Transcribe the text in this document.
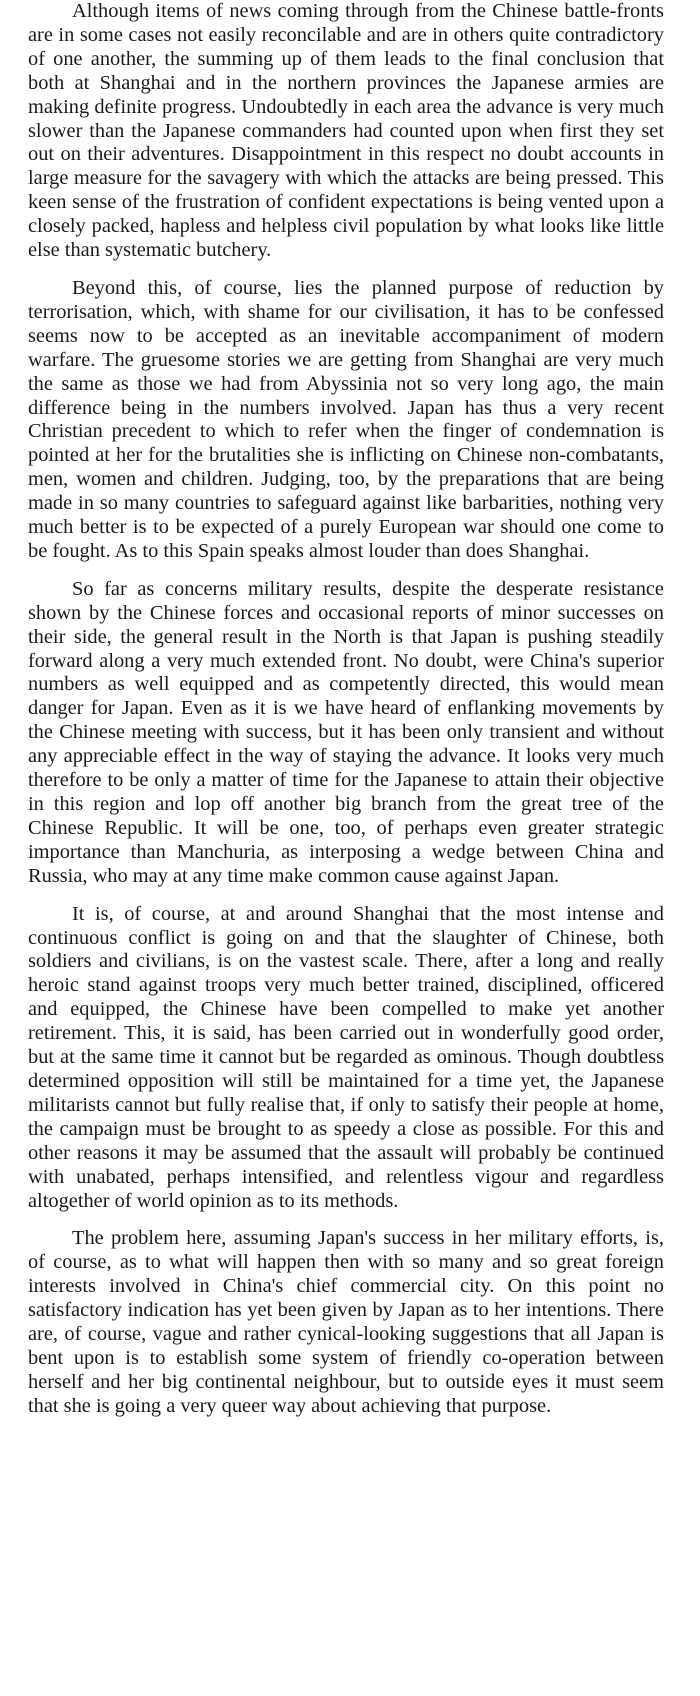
Although items of news coming through from the Chinese battle-fronts are in some cases not easily reconcilable and are in others quite contradictory of one another, the summing up of them leads to the final conclusion that both at Shanghai and in the northern provinces the Japanese armies are making definite progress. Undoubtedly in each area the advance is very much slower than the Japanese commanders had counted upon when first they set out on their adventures. Disappointment in this respect no doubt accounts in large measure for the savagery with which the attacks are being pressed. This keen sense of the frustration of confident expectations is being vented upon a closely packed, hapless and helpless civil population by what looks like little else than systematic butchery.

Beyond this, of course, lies the planned purpose of reduction by terrorisation, which, with shame for our civilisation, it has to be confessed seems now to be accepted as an inevitable accompaniment of modern warfare. The gruesome stories we are getting from Shanghai are very much the same as those we had from Abyssinia not so very long ago, the main difference being in the numbers involved. Japan has thus a very recent Christian precedent to which to refer when the finger of condemnation is pointed at her for the brutalities she is inflicting on Chinese non-combatants, men, women and children. Judging, too, by the preparations that are being made in so many countries to safeguard against like barbarities, nothing very much better is to be expected of a purely European war should one come to be fought. As to this Spain speaks almost louder than does Shanghai.

So far as concerns military results, despite the desperate resistance shown by the Chinese forces and occasional reports of minor successes on their side, the general result in the North is that Japan is pushing steadily forward along a very much extended front. No doubt, were China's superior numbers as well equipped and as competently directed, this would mean danger for Japan. Even as it is we have heard of enflanking movements by the Chinese meeting with success, but it has been only transient and without any appreciable effect in the way of staying the advance. It looks very much therefore to be only a matter of time for the Japanese to attain their objective in this region and lop off another big branch from the great tree of the Chinese Republic. It will be one, too, of perhaps even greater strategic importance than Manchuria, as interposing a wedge between China and Russia, who may at any time make common cause against Japan.

It is, of course, at and around Shanghai that the most intense and continuous conflict is going on and that the slaughter of Chinese, both soldiers and civilians, is on the vastest scale. There, after a long and really heroic stand against troops very much better trained, disciplined, officered and equipped, the Chinese have been compelled to make yet another retirement. This, it is said, has been carried out in wonderfully good order, but at the same time it cannot but be regarded as ominous. Though doubtless determined opposition will still be maintained for a time yet, the Japanese militarists cannot but fully realise that, if only to satisfy their people at home, the campaign must be brought to as speedy a close as possible. For this and other reasons it may be assumed that the assault will probably be continued with unabated, perhaps intensified, and relentless vigour and regardless altogether of world opinion as to its methods.

The problem here, assuming Japan's success in her military efforts, is, of course, as to what will happen then with so many and so great foreign interests involved in China's chief commercial city. On this point no satisfactory indication has yet been given by Japan as to her intentions. There are, of course, vague and rather cynical-looking suggestions that all Japan is bent upon is to establish some system of friendly co-operation between herself and her big continental neighbour, but to outside eyes it must seem that she is going a very queer way about achieving that purpose.
